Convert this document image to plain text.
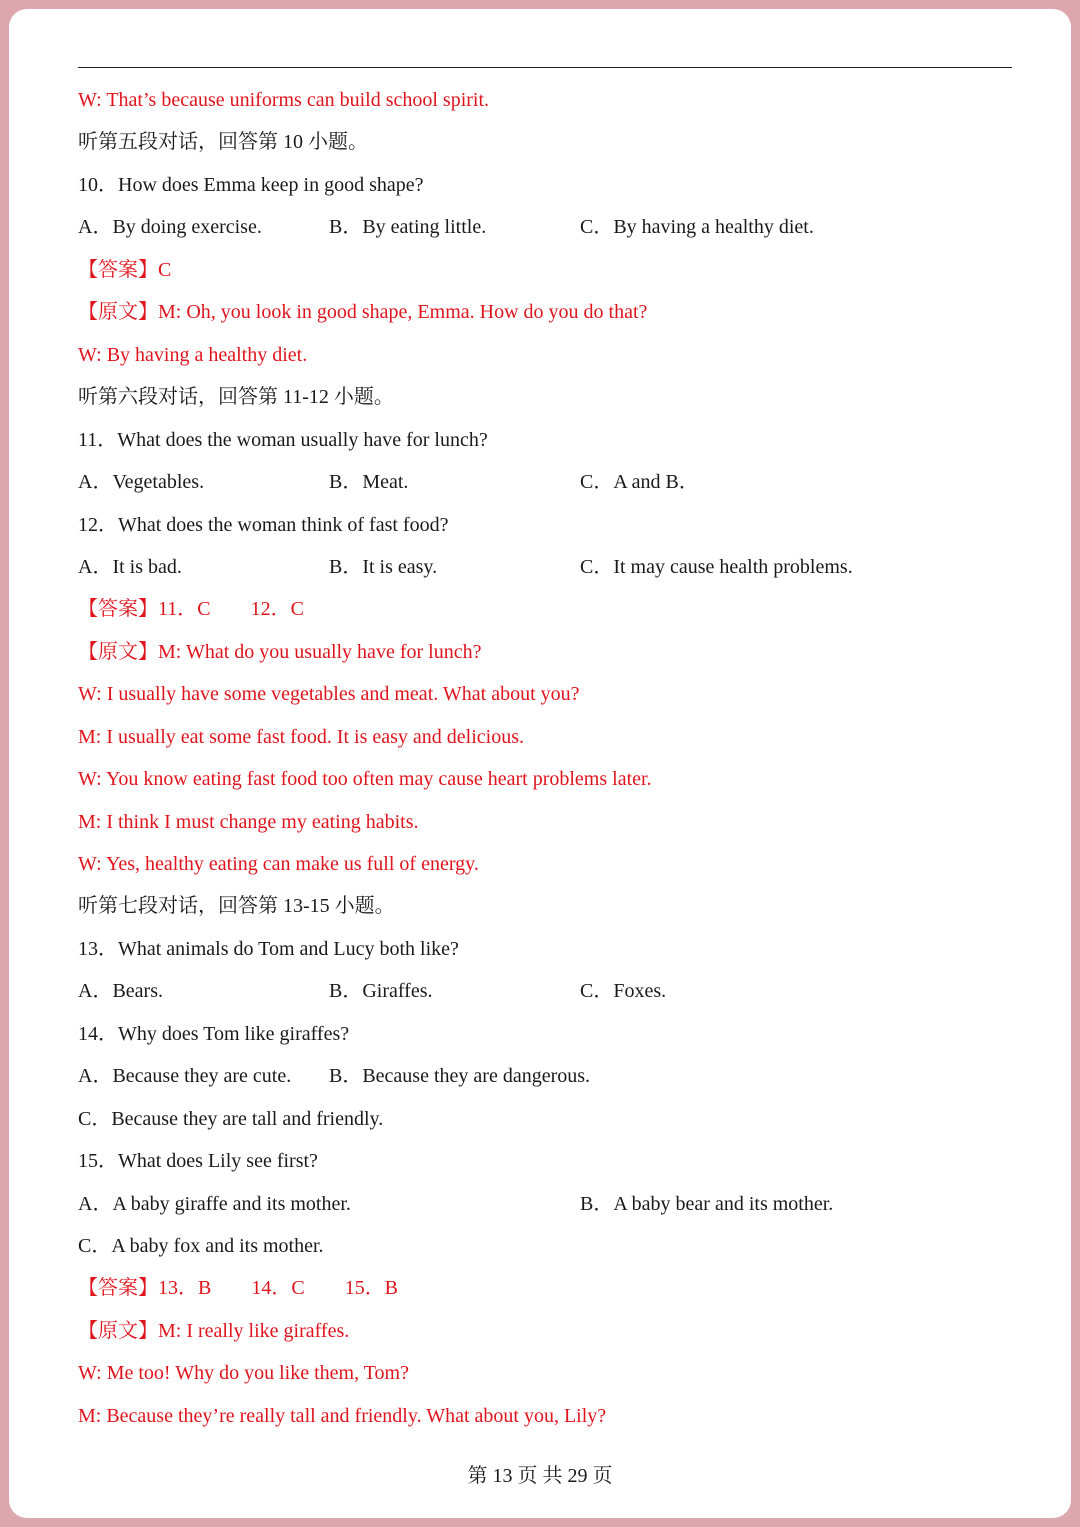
W: That’s because uniforms can build school spirit.
听第五段对话，回答第 10 小题。
10．How does Emma keep in good shape?
A．By doing exercise.	B．By eating little.	C．By having a healthy diet.
【答案】C
【原文】M: Oh, you look in good shape, Emma. How do you do that?
W: By having a healthy diet.
听第六段对话，回答第 11-12 小题。
11．What does the woman usually have for lunch?
A．Vegetables.	B．Meat.	C．A and B．
12．What does the woman think of fast food?
A．It is bad.	B．It is easy.	C．It may cause health problems.
【答案】11．C 12．C
【原文】M: What do you usually have for lunch?
W: I usually have some vegetables and meat. What about you?
M: I usually eat some fast food. It is easy and delicious.
W: You know eating fast food too often may cause heart problems later.
M: I think I must change my eating habits.
W: Yes, healthy eating can make us full of energy.
听第七段对话，回答第 13-15 小题。
13．What animals do Tom and Lucy both like?
A．Bears.	B．Giraffes.	C．Foxes.
14．Why does Tom like giraffes?
A．Because they are cute. B．Because they are dangerous.
C．Because they are tall and friendly.
15．What does Lily see first?
A．A baby giraffe and its mother.	B．A baby bear and its mother.
C．A baby fox and its mother.
【答案】13．B 14．C 15．B
【原文】M: I really like giraffes.
W: Me too! Why do you like them, Tom?
M: Because they’re really tall and friendly. What about you, Lily?
第 13 页 共 29 页
